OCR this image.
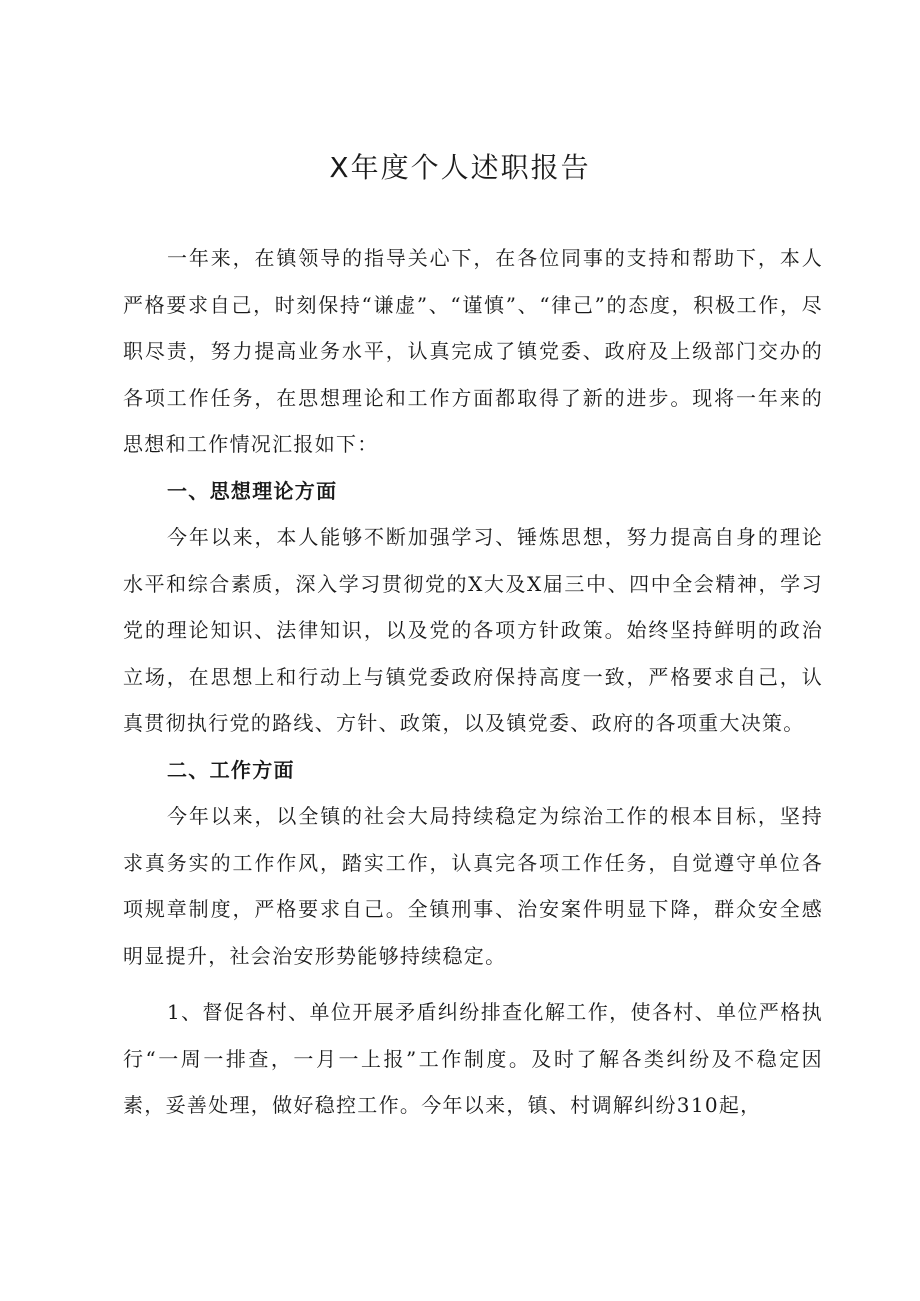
X年度个人述职报告

一年来，在镇领导的指导关心下，在各位同事的支持和帮助下，本人严格要求自己，时刻保持“谦虚”、“谨慎”、“律己”的态度，积极工作，尽职尽责，努力提高业务水平，认真完成了镇党委、政府及上级部门交办的各项工作任务，在思想理论和工作方面都取得了新的进步。现将一年来的思想和工作情况汇报如下：

一、思想理论方面

今年以来，本人能够不断加强学习、锤炼思想，努力提高自身的理论水平和综合素质，深入学习贯彻党的X大及X届三中、四中全会精神，学习党的理论知识、法律知识，以及党的各项方针政策。始终坚持鲜明的政治立场，在思想上和行动上与镇党委政府保持高度一致，严格要求自己，认真贯彻执行党的路线、方针、政策，以及镇党委、政府的各项重大决策。

二、工作方面

今年以来，以全镇的社会大局持续稳定为综治工作的根本目标，坚持求真务实的工作作风，踏实工作，认真完各项工作任务，自觉遵守单位各项规章制度，严格要求自己。全镇刑事、治安案件明显下降，群众安全感明显提升，社会治安形势能够持续稳定。

1、督促各村、单位开展矛盾纠纷排查化解工作，使各村、单位严格执行“一周一排查，一月一上报”工作制度。及时了解各类纠纷及不稳定因素，妥善处理，做好稳控工作。今年以来，镇、村调解纠纷310起，
